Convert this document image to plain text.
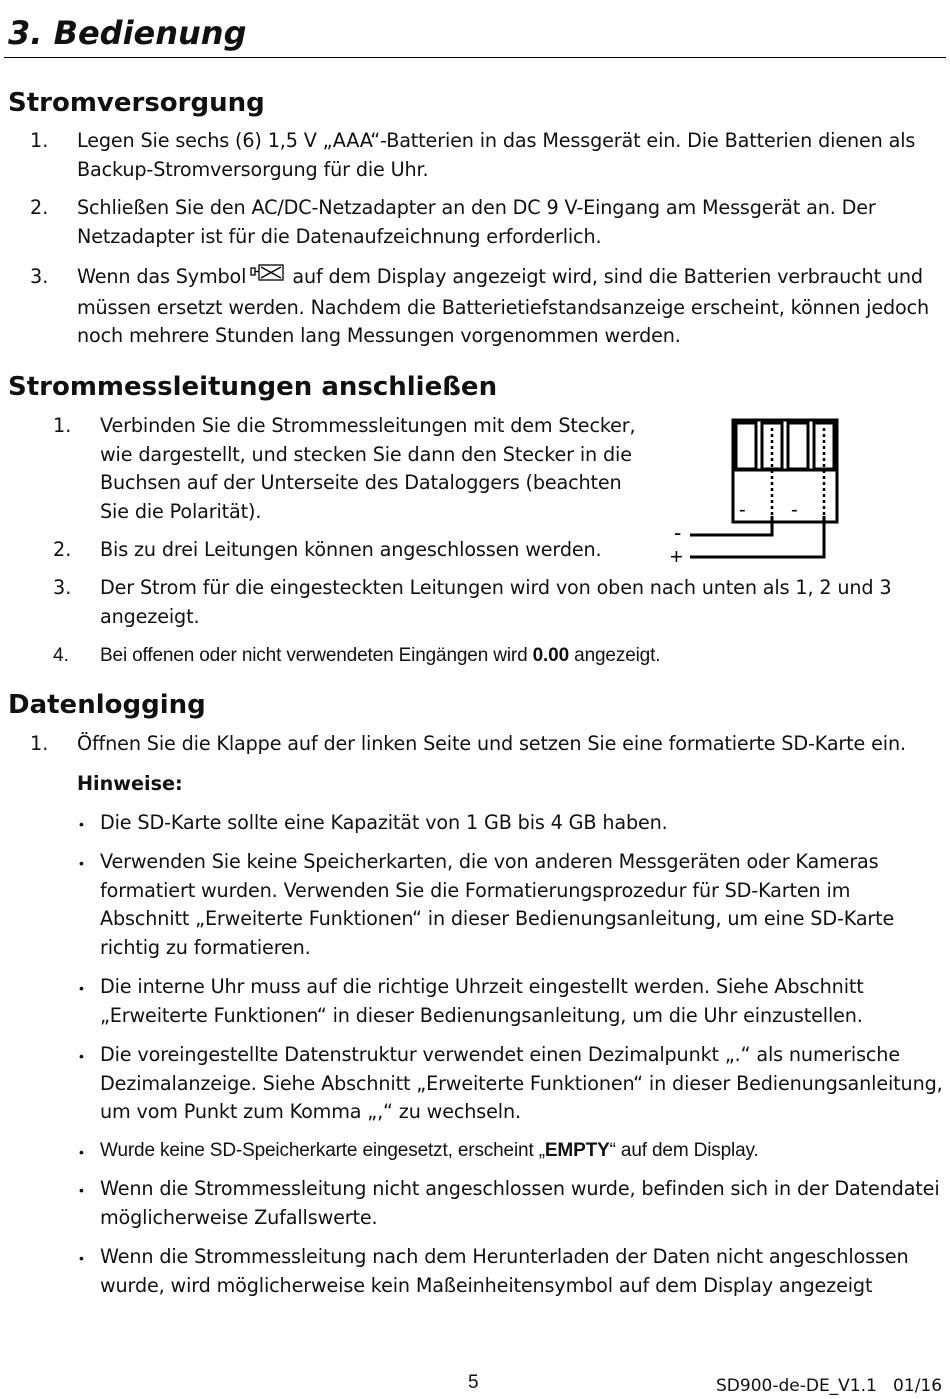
3. Bedienung
Stromversorgung
1. Legen Sie sechs (6) 1,5 V „AAA“-Batterien in das Messgerät ein. Die Batterien dienen als
Backup-Stromversorgung für die Uhr.
2. Schließen Sie den AC/DC-Netzadapter an den DC 9 V-Eingang am Messgerät an. Der
Netzadapter ist für die Datenaufzeichnung erforderlich.
3. Wenn das Symbol auf dem Display angezeigt wird, sind die Batterien verbraucht und
müssen ersetzt werden. Nachdem die Batterietiefstandsanzeige erscheint, können jedoch
noch mehrere Stunden lang Messungen vorgenommen werden.
Strommessleitungen anschließen
1. Verbinden Sie die Strommessleitungen mit dem Stecker,
wie dargestellt, und stecken Sie dann den Stecker in die
Buchsen auf der Unterseite des Dataloggers (beachten
Sie die Polarität).
2. Bis zu drei Leitungen können angeschlossen werden.
3. Der Strom für die eingesteckten Leitungen wird von oben nach unten als 1, 2 und 3
angezeigt.
4. Bei offenen oder nicht verwendeten Eingängen wird 0.00 angezeigt.
-
+
- -
Datenlogging
1. Öffnen Sie die Klappe auf der linken Seite und setzen Sie eine formatierte SD-Karte ein.
Hinweise:
• Die SD-Karte sollte eine Kapazität von 1 GB bis 4 GB haben.
• Verwenden Sie keine Speicherkarten, die von anderen Messgeräten oder Kameras
formatiert wurden. Verwenden Sie die Formatierungsprozedur für SD-Karten im
Abschnitt „Erweiterte Funktionen“ in dieser Bedienungsanleitung, um eine SD-Karte
richtig zu formatieren.
• Die interne Uhr muss auf die richtige Uhrzeit eingestellt werden. Siehe Abschnitt
„Erweiterte Funktionen“ in dieser Bedienungsanleitung, um die Uhr einzustellen.
• Die voreingestellte Datenstruktur verwendet einen Dezimalpunkt „.“ als numerische
Dezimalanzeige. Siehe Abschnitt „Erweiterte Funktionen“ in dieser Bedienungsanleitung,
um vom Punkt zum Komma „,“ zu wechseln.
• Wurde keine SD-Speicherkarte eingesetzt, erscheint „EMPTY“ auf dem Display.
• Wenn die Strommessleitung nicht angeschlossen wurde, befinden sich in der Datendatei
möglicherweise Zufallswerte.
• Wenn die Strommessleitung nach dem Herunterladen der Daten nicht angeschlossen
wurde, wird möglicherweise kein Maßeinheitensymbol auf dem Display angezeigt
5	SD900-de-DE_V1.1   01/16
